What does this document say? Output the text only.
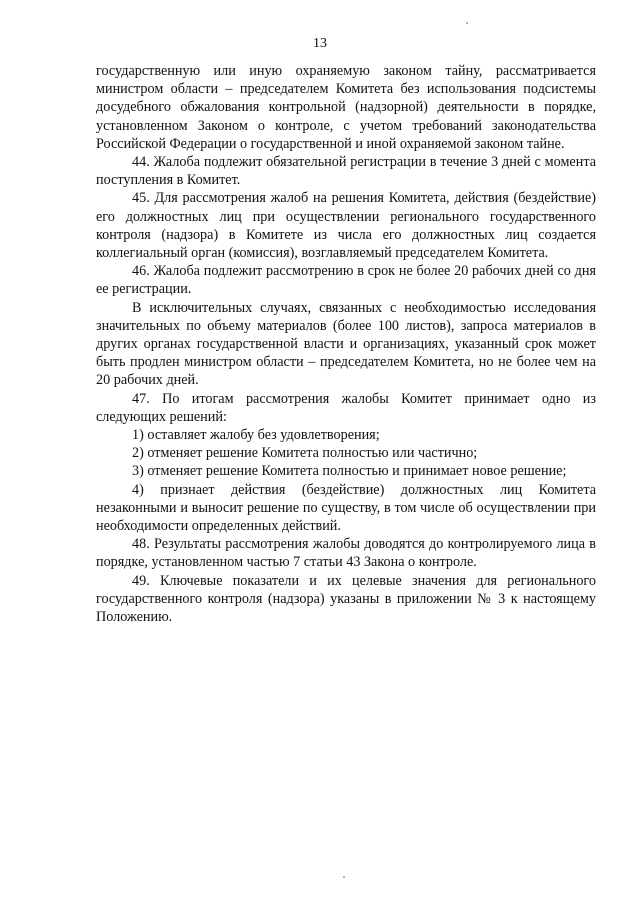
13

государственную или иную охраняемую законом тайну, рассматривается министром области – председателем Комитета без использования подсистемы досудебного обжалования контрольной (надзорной) деятельности в порядке, установленном Законом о контроле, с учетом требований законодательства Российской Федерации о государственной и иной охраняемой законом тайне.

44. Жалоба подлежит обязательной регистрации в течение 3 дней с момента поступления в Комитет.

45. Для рассмотрения жалоб на решения Комитета, действия (бездействие) его должностных лиц при осуществлении регионального государственного контроля (надзора) в Комитете из числа его должностных лиц создается коллегиальный орган (комиссия), возглавляемый председателем Комитета.

46. Жалоба подлежит рассмотрению в срок не более 20 рабочих дней со дня ее регистрации.

В исключительных случаях, связанных с необходимостью исследования значительных по объему материалов (более 100 листов), запроса материалов в других органах государственной власти и организациях, указанный срок может быть продлен министром области – председателем Комитета, но не более чем на 20 рабочих дней.

47. По итогам рассмотрения жалобы Комитет принимает одно из следующих решений:

1) оставляет жалобу без удовлетворения;

2) отменяет решение Комитета полностью или частично;

3) отменяет решение Комитета полностью и принимает новое решение;

4) признает действия (бездействие) должностных лиц Комитета незаконными и выносит решение по существу, в том числе об осуществлении при необходимости определенных действий.

48. Результаты рассмотрения жалобы доводятся до контролируемого лица в порядке, установленном частью 7 статьи 43 Закона о контроле.

49. Ключевые показатели и их целевые значения для регионального государственного контроля (надзора) указаны в приложении № 3 к настоящему Положению.
